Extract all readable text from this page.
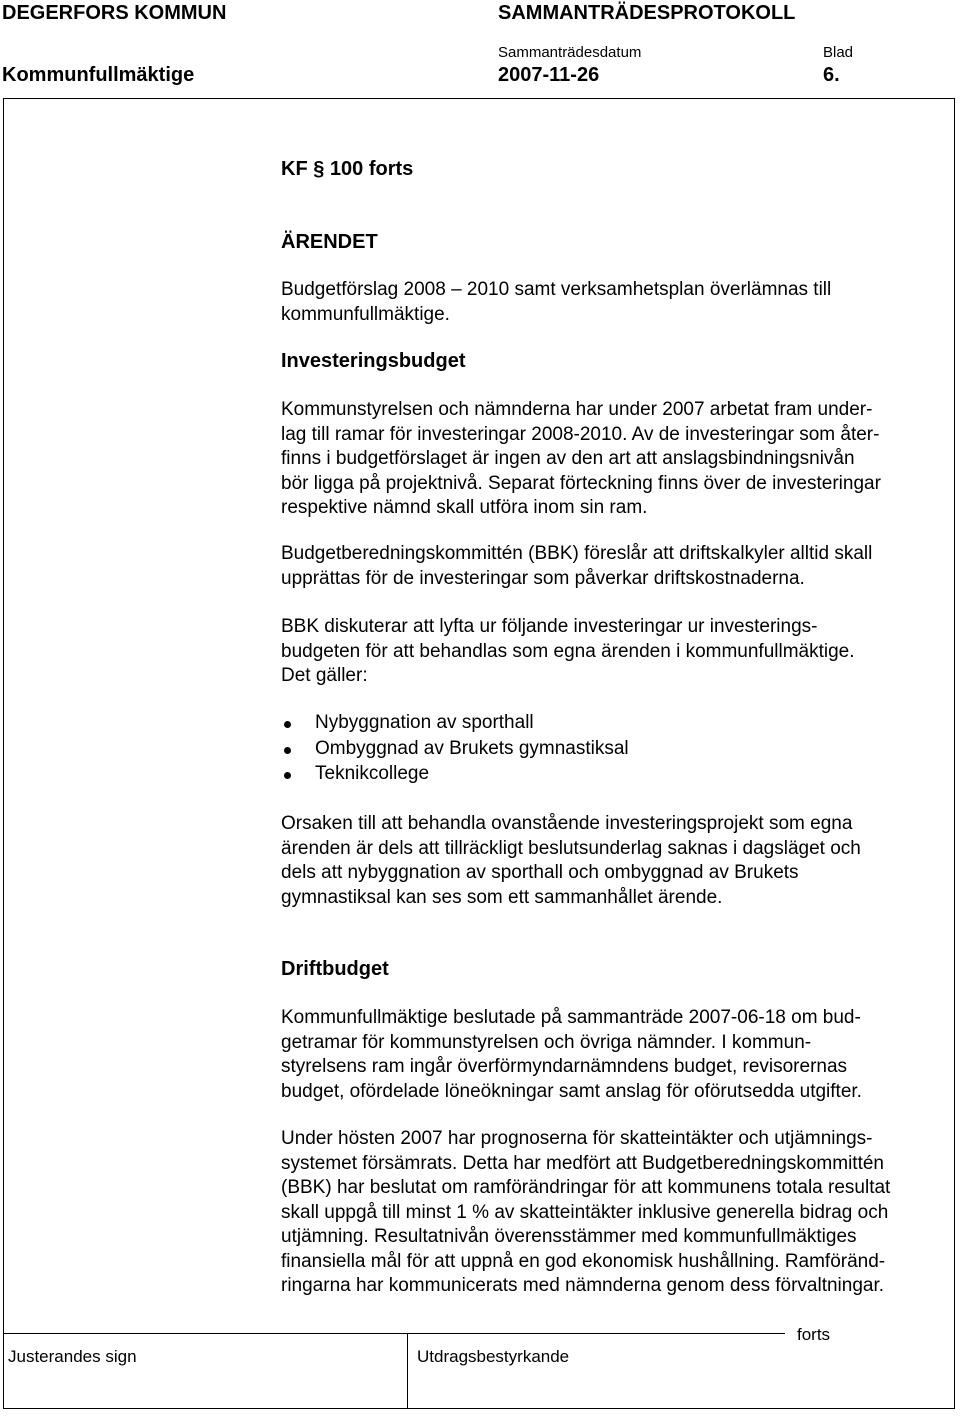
DEGERFORS KOMMUN	SAMMANTRÄDESPROTOKOLL
Sammanträdesdatum	Blad
Kommunfullmäktige	2007-11-26	6.
KF § 100 forts
ÄRENDET
Budgetförslag 2008 – 2010 samt verksamhetsplan överlämnas till
kommunfullmäktige.
Investeringsbudget
Kommunstyrelsen och nämnderna har under 2007 arbetat fram under-
lag till ramar för investeringar 2008-2010. Av de investeringar som åter-
finns i budgetförslaget är ingen av den art att anslagsbindningsnivån
bör ligga på projektnivå. Separat förteckning finns över de investeringar
respektive nämnd skall utföra inom sin ram.
Budgetberedningskommittén (BBK) föreslår att driftskalkyler alltid skall
upprättas för de investeringar som påverkar driftskostnaderna.
BBK diskuterar att lyfta ur följande investeringar ur investerings-
budgeten för att behandlas som egna ärenden i kommunfullmäktige.
Det gäller:
Nybyggnation av sporthall
Ombyggnad av Brukets gymnastiksal
Teknikcollege
Orsaken till att behandla ovanstående investeringsprojekt som egna
ärenden är dels att tillräckligt beslutsunderlag saknas i dagsläget och
dels att nybyggnation av sporthall och ombyggnad av Brukets
gymnastiksal kan ses som ett sammanhållet ärende.
Driftbudget
Kommunfullmäktige beslutade på sammanträde 2007-06-18 om bud-
getramar för kommunstyrelsen och övriga nämnder. I kommun-
styrelsens ram ingår överförmyndarnämndens budget, revisorernas
budget, ofördelade löneökningar samt anslag för oförutsedda utgifter.
Under hösten 2007 har prognoserna för skatteintäkter och utjämnings-
systemet försämrats. Detta har medfört att Budgetberedningskommittén
(BBK) har beslutat om ramförändringar för att kommunens totala resultat
skall uppgå till minst 1 % av skatteintäkter inklusive generella bidrag och
utjämning. Resultatnivån överensstämmer med kommunfullmäktiges
finansiella mål för att uppnå en god ekonomisk hushållning. Ramföränd-
ringarna har kommunicerats med nämnderna genom dess förvaltningar.
forts
Justerandes sign	Utdragsbestyrkande
